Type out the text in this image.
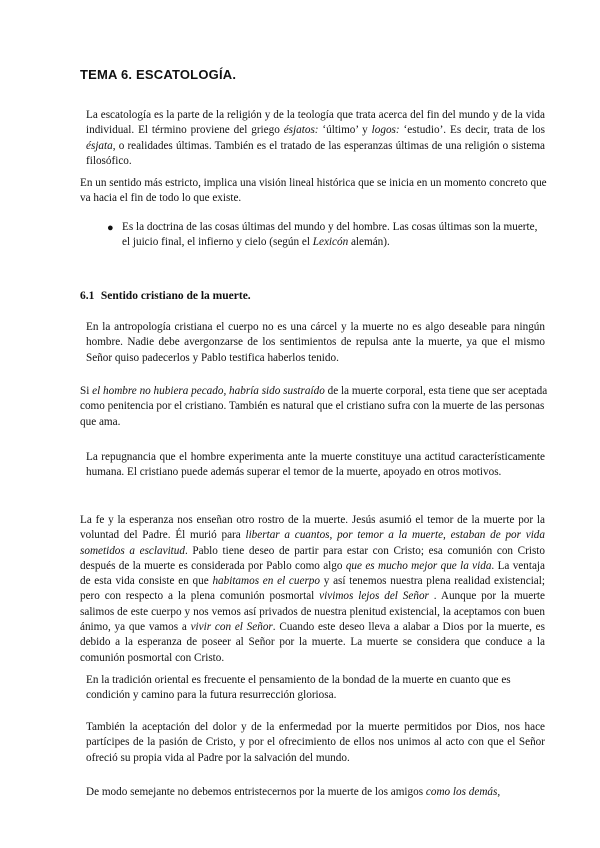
TEMA 6. ESCATOLOGÍA.

La escatología es la parte de la religión y de la teología que trata acerca del fin del mundo y de la vida individual. El término proviene del griego ésjatos: ‘último’ y logos: ‘estudio’. Es decir, trata de los ésjata, o realidades últimas. También es el tratado de las esperanzas últimas de una religión o sistema filosófico.

En un sentido más estricto, implica una visión lineal histórica que se inicia en un momento concreto que va hacia el fin de todo lo que existe.

● Es la doctrina de las cosas últimas del mundo y del hombre. Las cosas últimas son la muerte, el juicio final, el infierno y cielo (según el Lexicón alemán).

6.1 Sentido cristiano de la muerte.

En la antropología cristiana el cuerpo no es una cárcel y la muerte no es algo deseable para ningún hombre. Nadie debe avergonzarse de los sentimientos de repulsa ante la muerte, ya que el mismo Señor quiso padecerlos y Pablo testifica haberlos tenido.

Si el hombre no hubiera pecado, habría sido sustraído de la muerte corporal, esta tiene que ser aceptada como penitencia por el cristiano. También es natural que el cristiano sufra con la muerte de las personas que ama.

La repugnancia que el hombre experimenta ante la muerte constituye una actitud característicamente humana. El cristiano puede además superar el temor de la muerte, apoyado en otros motivos.

La fe y la esperanza nos enseñan otro rostro de la muerte. Jesús asumió el temor de la muerte por la voluntad del Padre. Él murió para libertar a cuantos, por temor a la muerte, estaban de por vida sometidos a esclavitud. Pablo tiene deseo de partir para estar con Cristo; esa comunión con Cristo después de la muerte es considerada por Pablo como algo que es mucho mejor que la vida. La ventaja de esta vida consiste en que habitamos en el cuerpo y así tenemos nuestra plena realidad existencial; pero con respecto a la plena comunión posmortal vivimos lejos del Señor . Aunque por la muerte salimos de este cuerpo y nos vemos así privados de nuestra plenitud existencial, la aceptamos con buen ánimo, ya que vamos a vivir con el Señor. Cuando este deseo lleva a alabar a Dios por la muerte, es debido a la esperanza de poseer al Señor por la muerte. La muerte se considera que conduce a la comunión posmortal con Cristo.

En la tradición oriental es frecuente el pensamiento de la bondad de la muerte en cuanto que es condición y camino para la futura resurrección gloriosa.

También la aceptación del dolor y de la enfermedad por la muerte permitidos por Dios, nos hace partícipes de la pasión de Cristo, y por el ofrecimiento de ellos nos unimos al acto con que el Señor ofreció su propia vida al Padre por la salvación del mundo.

De modo semejante no debemos entristecernos por la muerte de los amigos como los demás,
